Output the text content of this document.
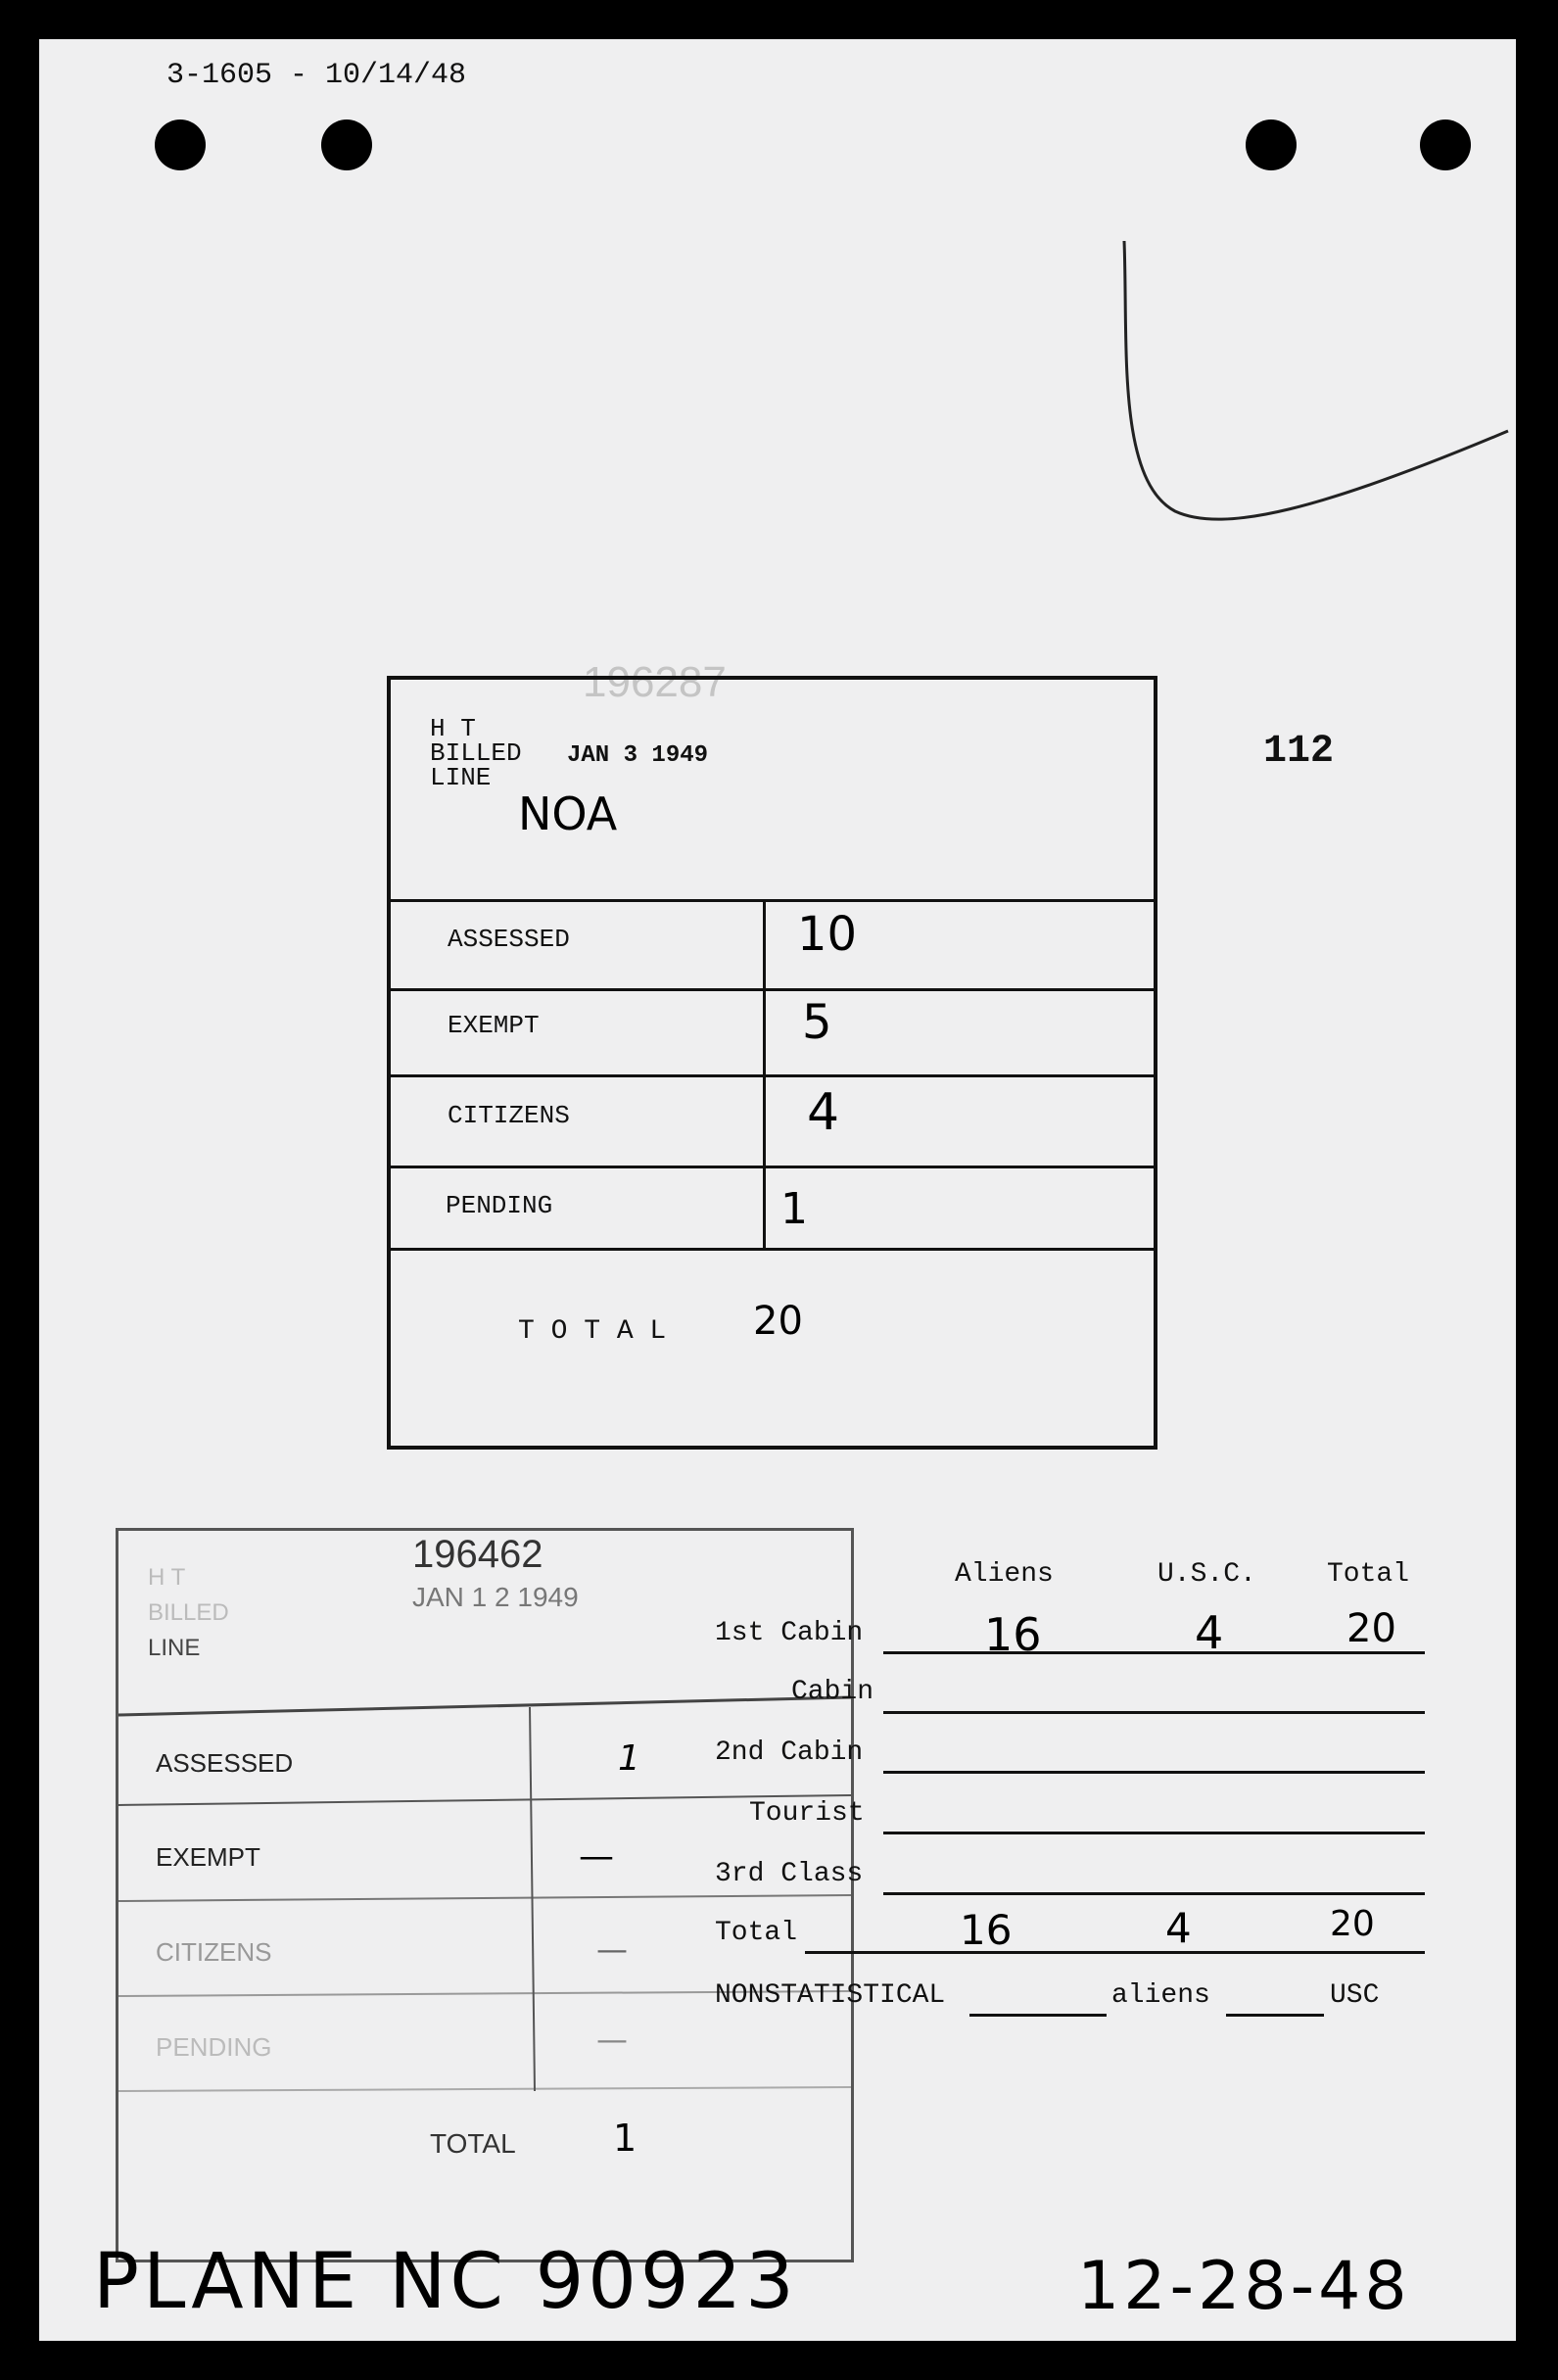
3-1605 - 10/14/48
112
196287
H T
BILLED
LINE
JAN 3 1949
NOA
ASSESSED	10
EXEMPT	5
CITIZENS	4
PENDING	1
T O T A L 20
196462
JAN 1 2 1949
H T
BILLED
LINE
ASSESSED	1
EXEMPT	—
CITIZENS	—
PENDING	—
TOTAL	1
Aliens	U.S.C.	Total
1st Cabin	16	4	20
Cabin
2nd Cabin
Tourist
3rd Class
Total	16	4	20
NONSTATISTICAL	aliens	USC
PLANE NC 90923	12-28-48
